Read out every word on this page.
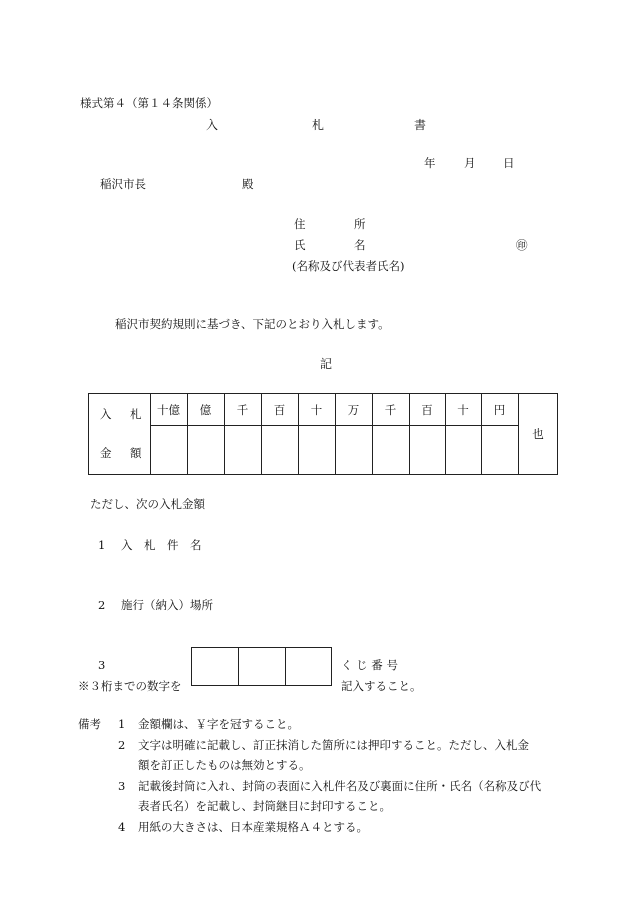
様式第４（第１４条関係）
入	札	書
年 月 日
稲沢市長	殿
住	所
氏	名	㊞
(名称及び代表者氏名)
稲沢市契約規則に基づき、下記のとおり入札します。
記
入 札
金 額
十億	億	千	百	十	万	千	百	十	円
也
ただし、次の入札金額
1 入 札 件 名
2 施行（納入）場所
3
※３桁までの数字を
く じ 番 号
記入すること。
備考 1 金額欄は、￥字を冠すること。
2 文字は明確に記載し、訂正抹消した箇所には押印すること。ただし、入札金
額を訂正したものは無効とする。
3 記載後封筒に入れ、封筒の表面に入札件名及び裏面に住所・氏名（名称及び代
表者氏名）を記載し、封筒継目に封印すること。
4 用紙の大きさは、日本産業規格Ａ４とする。
